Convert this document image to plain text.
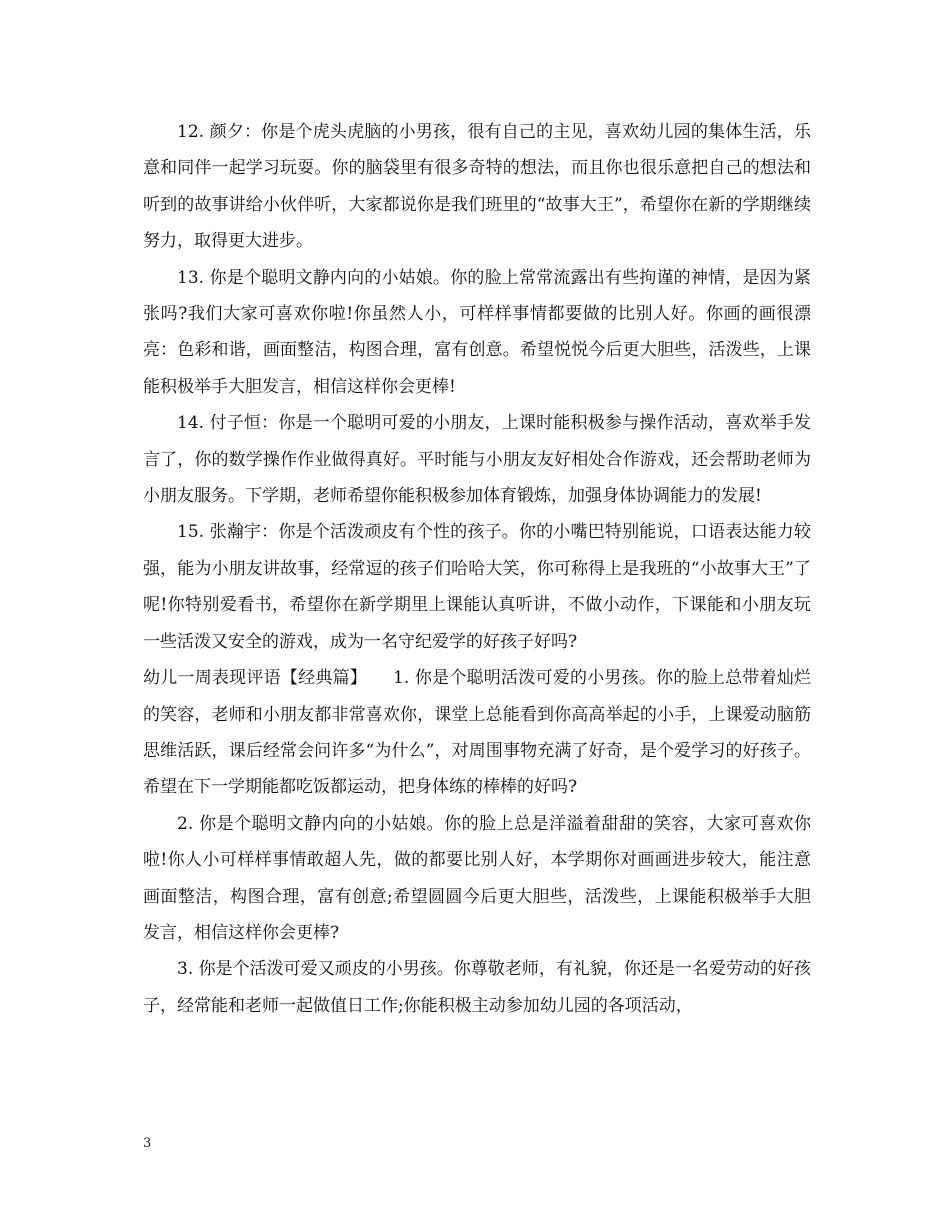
12. 颜夕：你是个虎头虎脑的小男孩，很有自己的主见，喜欢幼儿园的集体生活，乐意和同伴一起学习玩耍。你的脑袋里有很多奇特的想法，而且你也很乐意把自己的想法和听到的故事讲给小伙伴听，大家都说你是我们班里的“故事大王”，希望你在新的学期继续努力，取得更大进步。

13. 你是个聪明文静内向的小姑娘。你的脸上常常流露出有些拘谨的神情，是因为紧张吗?我们大家可喜欢你啦!你虽然人小，可样样事情都要做的比别人好。你画的画很漂亮：色彩和谐，画面整洁，构图合理，富有创意。希望悦悦今后更大胆些，活泼些，上课能积极举手大胆发言，相信这样你会更棒!

14. 付子恒：你是一个聪明可爱的小朋友，上课时能积极参与操作活动，喜欢举手发言了，你的数学操作作业做得真好。平时能与小朋友友好相处合作游戏，还会帮助老师为小朋友服务。下学期，老师希望你能积极参加体育锻炼，加强身体协调能力的发展!

15. 张瀚宇：你是个活泼顽皮有个性的孩子。你的小嘴巴特别能说，口语表达能力较强，能为小朋友讲故事，经常逗的孩子们哈哈大笑，你可称得上是我班的“小故事大王”了呢!你特别爱看书，希望你在新学期里上课能认真听讲，不做小动作，下课能和小朋友玩一些活泼又安全的游戏，成为一名守纪爱学的好孩子好吗?

幼儿一周表现评语【经典篇】　　1. 你是个聪明活泼可爱的小男孩。你的脸上总带着灿烂的笑容，老师和小朋友都非常喜欢你，课堂上总能看到你高高举起的小手，上课爱动脑筋思维活跃，课后经常会问许多“为什么”，对周围事物充满了好奇，是个爱学习的好孩子。希望在下一学期能都吃饭都运动，把身体练的棒棒的好吗?

2. 你是个聪明文静内向的小姑娘。你的脸上总是洋溢着甜甜的笑容，大家可喜欢你啦!你人小可样样事情敢超人先，做的都要比别人好，本学期你对画画进步较大，能注意画面整洁，构图合理，富有创意;希望圆圆今后更大胆些，活泼些，上课能积极举手大胆发言，相信这样你会更棒?

3. 你是个活泼可爱又顽皮的小男孩。你尊敬老师，有礼貌，你还是一名爱劳动的好孩子，经常能和老师一起做值日工作;你能积极主动参加幼儿园的各项活动，

3
